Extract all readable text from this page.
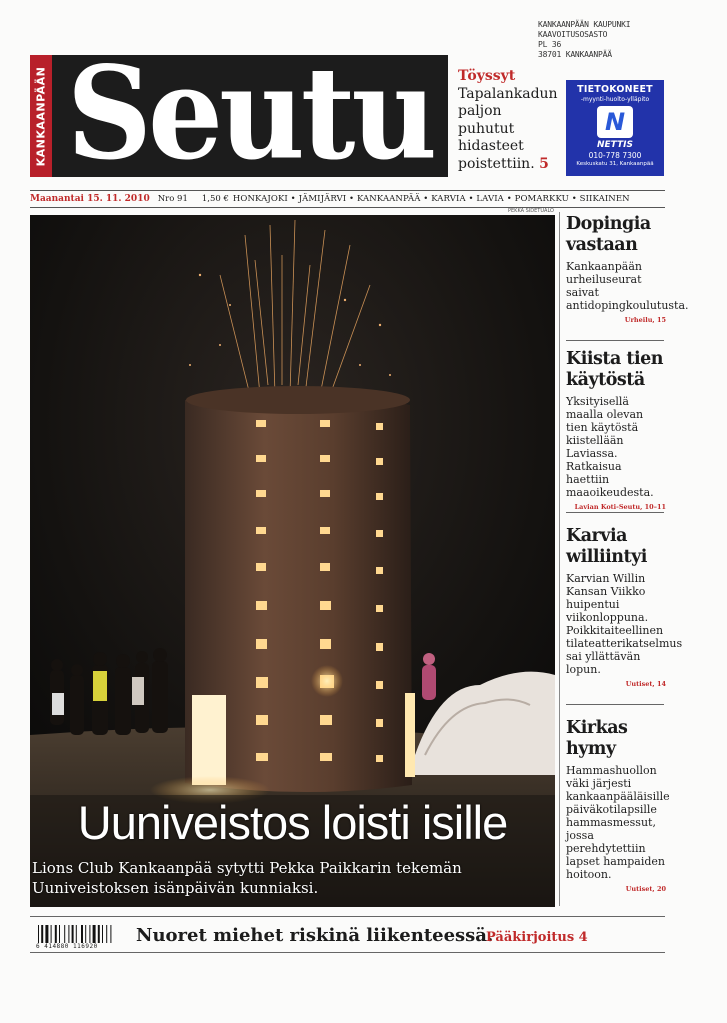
KANKAANPÄÄN KAUPUNKI
KAAVOITUSOSASTO
PL 36
38701 KANKAANPÄÄ
KANKAANPÄÄN Seutu Töyssyt
Tapalankadun paljon puhutut hidasteet poistettiin. 5
TIETOKONEET
-myynti-huolto-ylläpito
N
NETTIS
010-778 7300
Keskuskatu 31, Kankaanpää
Maanantai 15. 11. 2010 Nro 91 1,50 € HONKAJOKI • JÄMIJÄRVI • KANKAANPÄÄ • KARVIA • LAVIA • POMARKKU • SIIKAINEN
PEKKA SIDETUALO
Uuniveistos loisti isille
Lions Club Kankaanpää sytytti Pekka Paikkarin tekemän Uuniveistoksen isänpäivän kunniaksi.
Dopingia vastaan

Kankaanpään urheiluseurat saivat antidopingkoulutusta.

Urheilu, 15
Kiista tien käytöstä

Yksityisellä maalla olevan tien käytöstä kiistellään Laviassa. Ratkaisua haettiin maaoikeudesta.

Lavian Koti-Seutu, 10–11
Karvia williintyi

Karvian Willin Kansan Viikko huipentui viikonloppuna. Poikkitaiteellinen tilateatterikatselmus sai yllättävän lopun.

Uutiset, 14
Kirkas hymy

Hammashuollon väki järjesti kankaanpääläisille päiväkotilapsille hammasmessut, jossa perehdytettiin lapset hampaiden hoitoon.

Uutiset, 20
6 414880 116920
Nuoret miehet riskinä liikenteessä.
Pääkirjoitus 4
